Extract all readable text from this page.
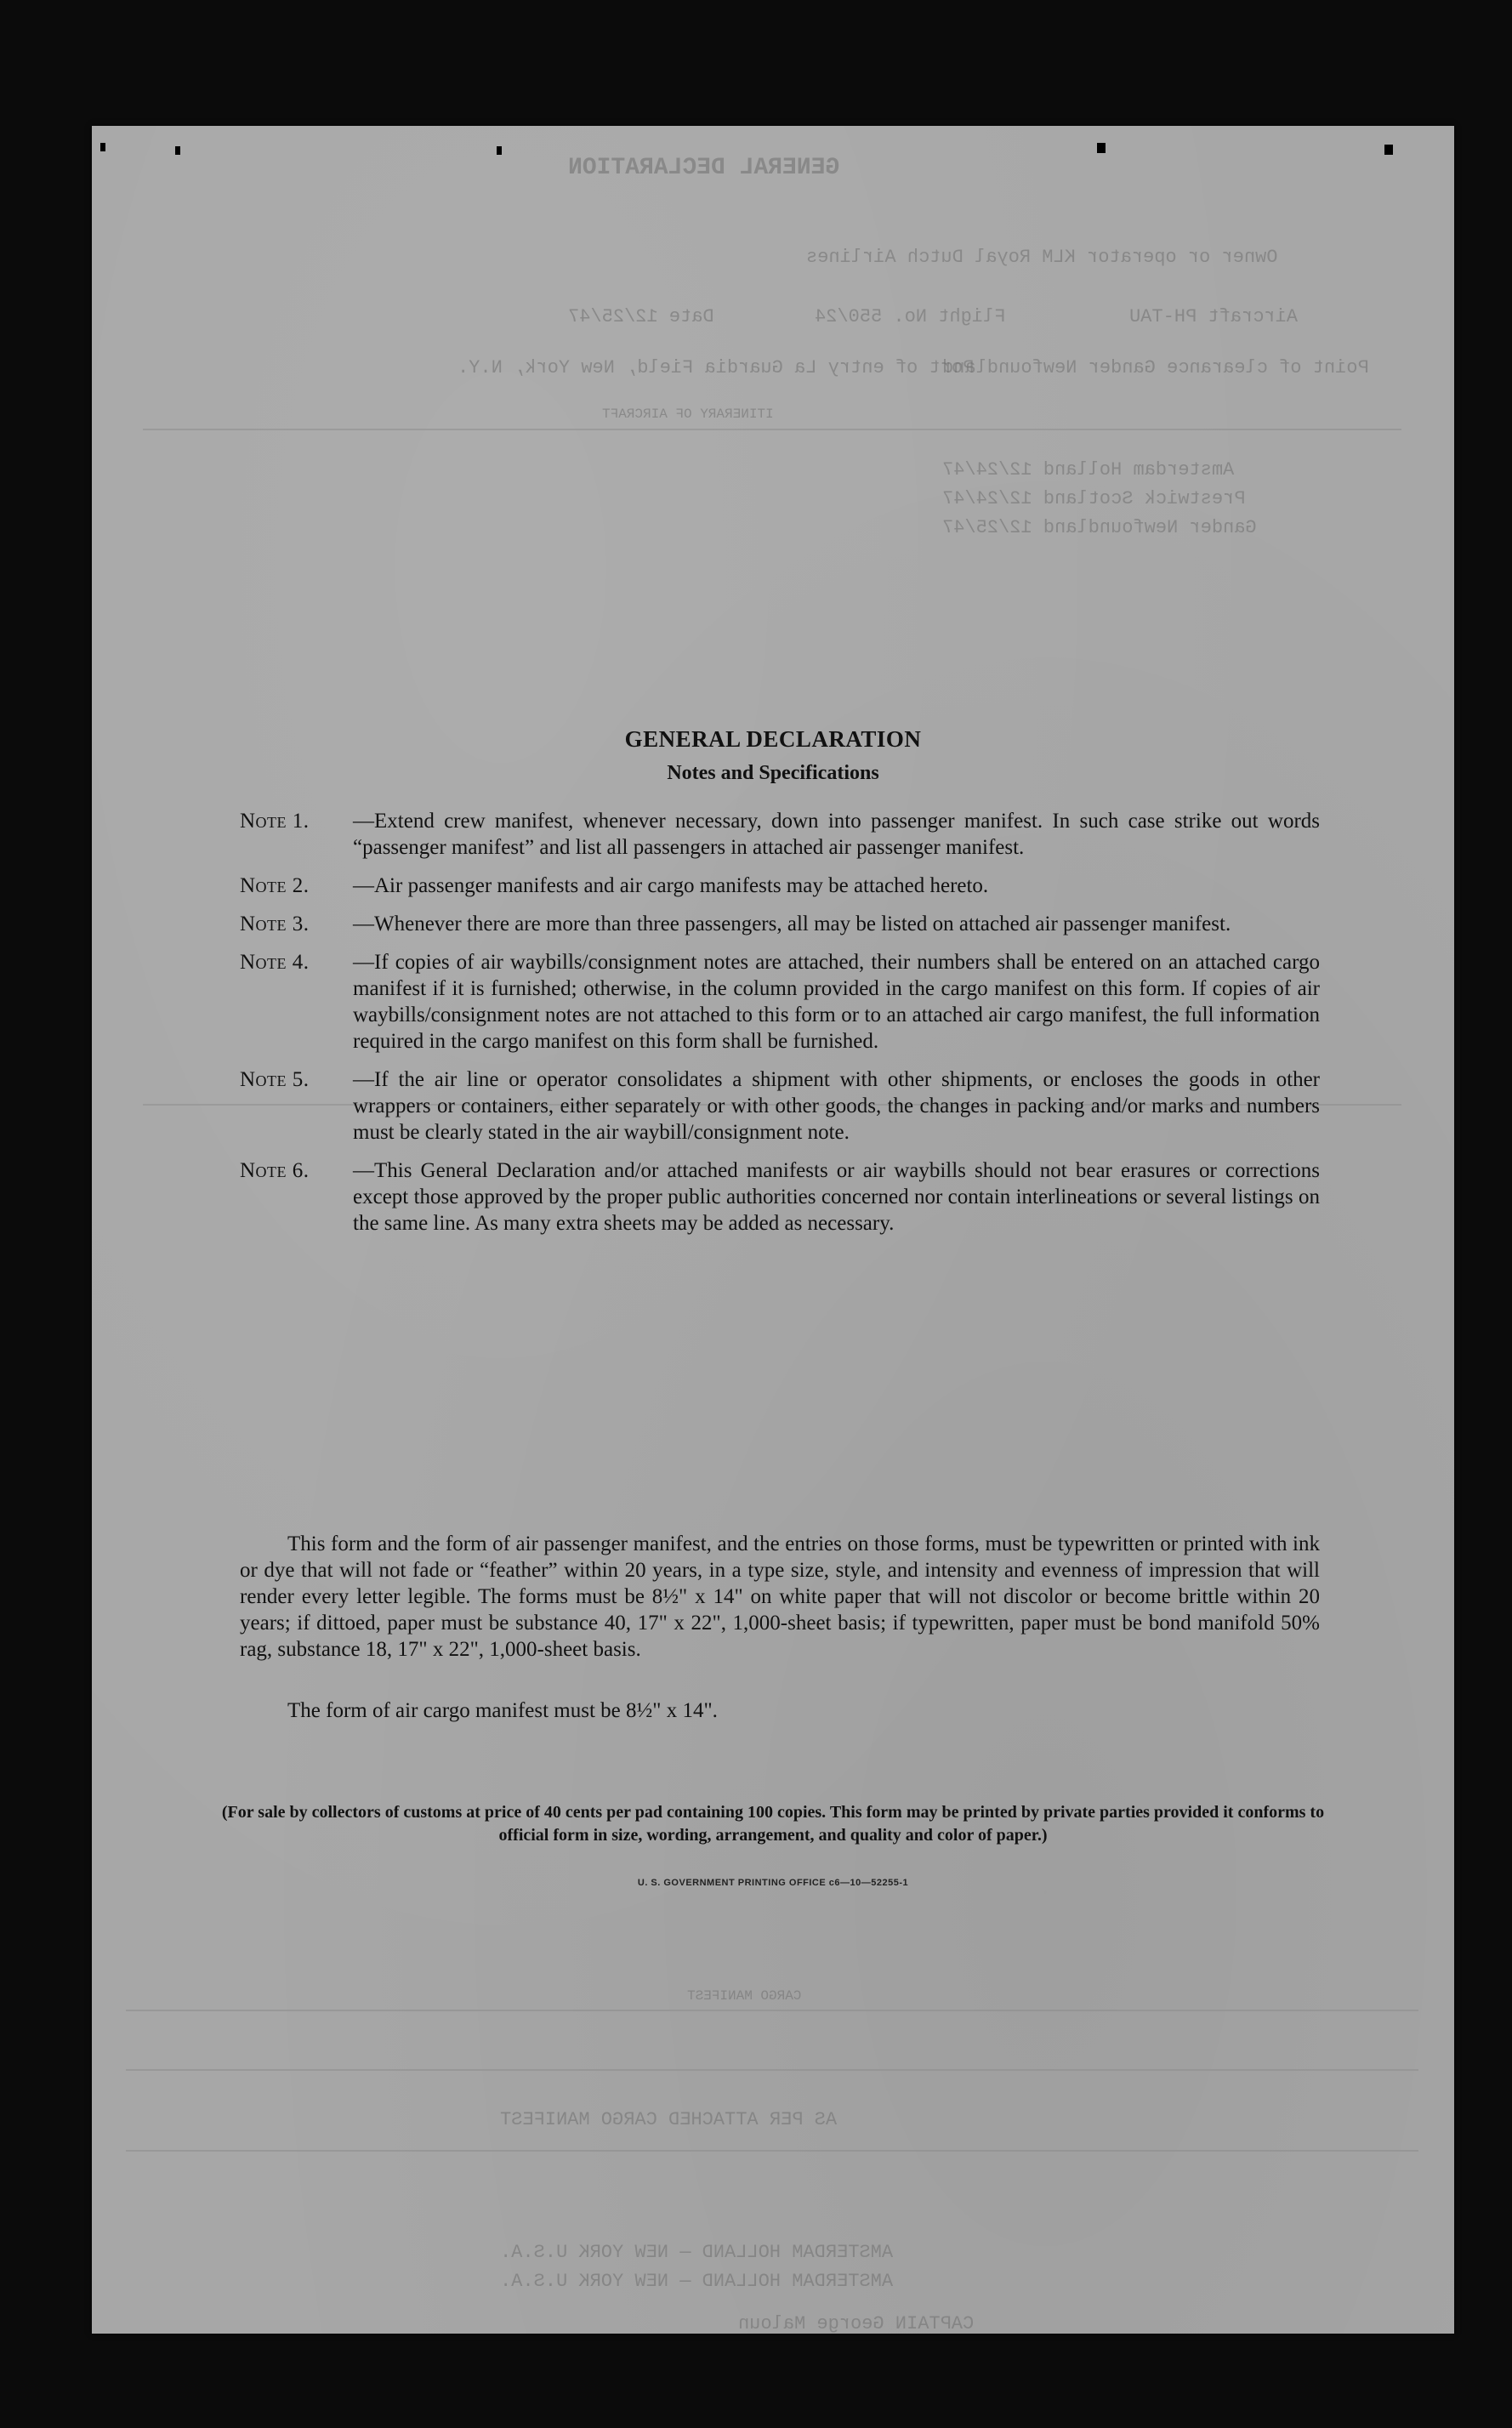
GENERAL DECLARATION
Owner or operator KLM Royal Dutch Airlines
Aircraft PH-TAU
Flight No. 550/24
Date 12/25/47
Point of clearance Gander Newfoundland
Port of entry La Guardia Field, New York, N.Y.
ITINERARY OF AIRCRAFT
Amsterdam Holland 12/24/47
Prestwick Scotland 12/24/47
Gander Newfoundland 12/25/47
CARGO MANIFEST
AS PER ATTACHED CARGO MANIFEST
AMSTERDAM HOLLAND — NEW YORK U.S.A.
AMSTERDAM HOLLAND — NEW YORK U.S.A.
CAPTAIN George Maloun
GENERAL DECLARATION
Notes and Specifications
Note 1.	—Extend crew manifest, whenever necessary, down into passenger manifest. In such case strike out words “passenger manifest” and list all passengers in attached air passenger manifest.
Note 2.	—Air passenger manifests and air cargo manifests may be attached hereto.
Note 3.	—Whenever there are more than three passengers, all may be listed on attached air passenger manifest.
Note 4.	—If copies of air waybills/consignment notes are attached, their numbers shall be entered on an attached cargo manifest if it is furnished; otherwise, in the column provided in the cargo manifest on this form. If copies of air waybills/consignment notes are not attached to this form or to an attached air cargo manifest, the full information required in the cargo manifest on this form shall be furnished.
Note 5.	—If the air line or operator consolidates a shipment with other shipments, or encloses the goods in other wrappers or containers, either separately or with other goods, the changes in packing and/or marks and numbers must be clearly stated in the air waybill/consignment note.
Note 6.	—This General Declaration and/or attached manifests or air waybills should not bear erasures or corrections except those approved by the proper public authorities concerned nor contain interlineations or several listings on the same line. As many extra sheets may be added as necessary.
This form and the form of air passenger manifest, and the entries on those forms, must be typewritten or printed with ink or dye that will not fade or “feather” within 20 years, in a type size, style, and intensity and evenness of impression that will render every letter legible. The forms must be 8½" x 14" on white paper that will not discolor or become brittle within 20 years; if dittoed, paper must be substance 40, 17" x 22", 1,000-sheet basis; if typewritten, paper must be bond manifold 50% rag, substance 18, 17" x 22", 1,000-sheet basis.
The form of air cargo manifest must be 8½" x 14".
(For sale by collectors of customs at price of 40 cents per pad containing 100 copies. This form may be printed by private parties provided it conforms to official form in size, wording, arrangement, and quality and color of paper.)
U. S. GOVERNMENT PRINTING OFFICE c6—10—52255-1
